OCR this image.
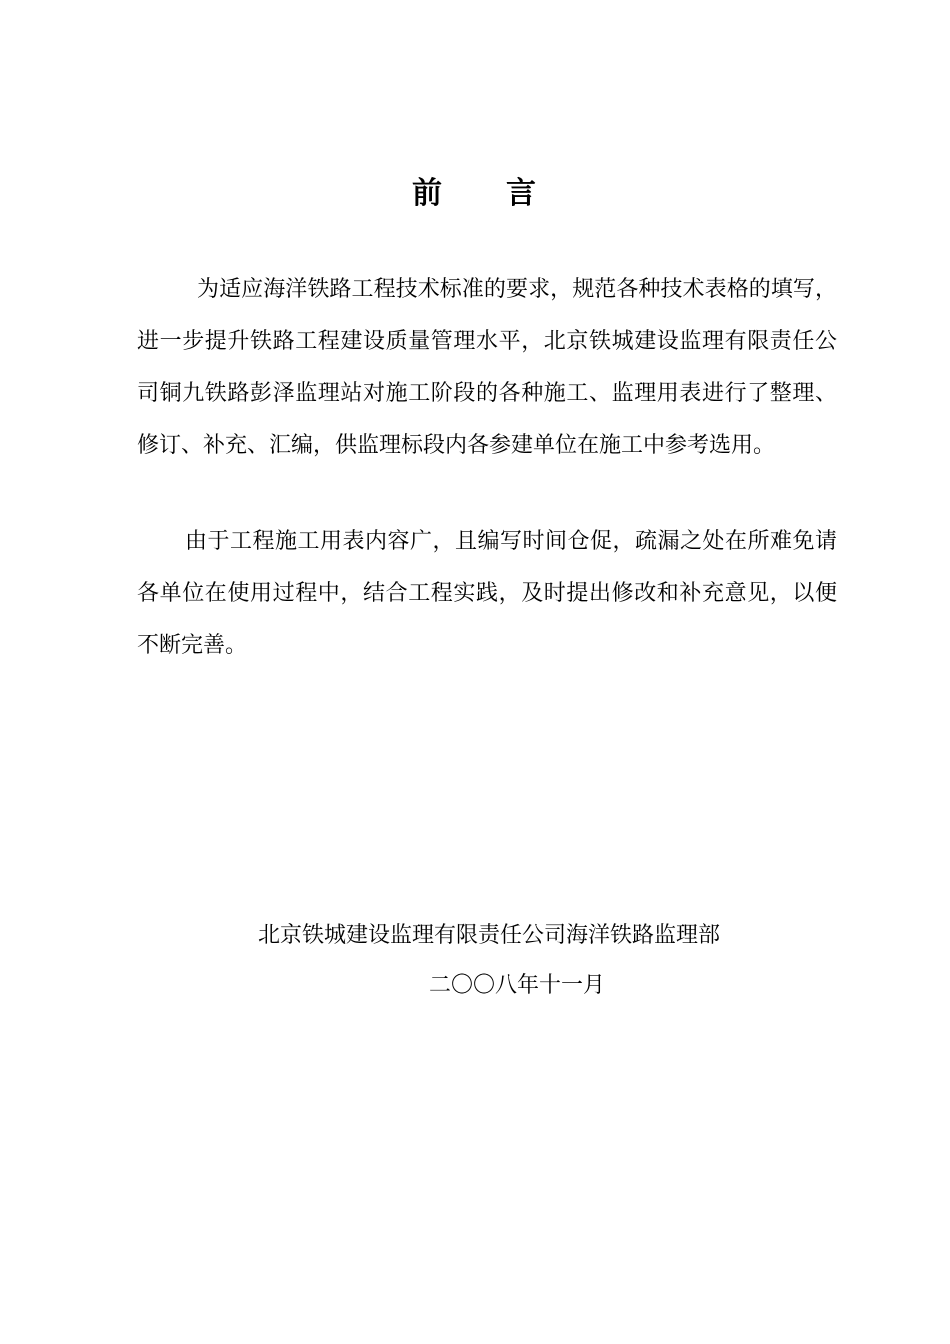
前 言
为适应海洋铁路工程技术标准的要求，规范各种技术表格的填写，进一步提升铁路工程建设质量管理水平，北京铁城建设监理有限责任公司铜九铁路彭泽监理站对施工阶段的各种施工、监理用表进行了整理、修订、补充、汇编，供监理标段内各参建单位在施工中参考选用。
由于工程施工用表内容广，且编写时间仓促，疏漏之处在所难免请各单位在使用过程中，结合工程实践，及时提出修改和补充意见，以便不断完善。
北京铁城建设监理有限责任公司海洋铁路监理部
二〇〇八年十一月
